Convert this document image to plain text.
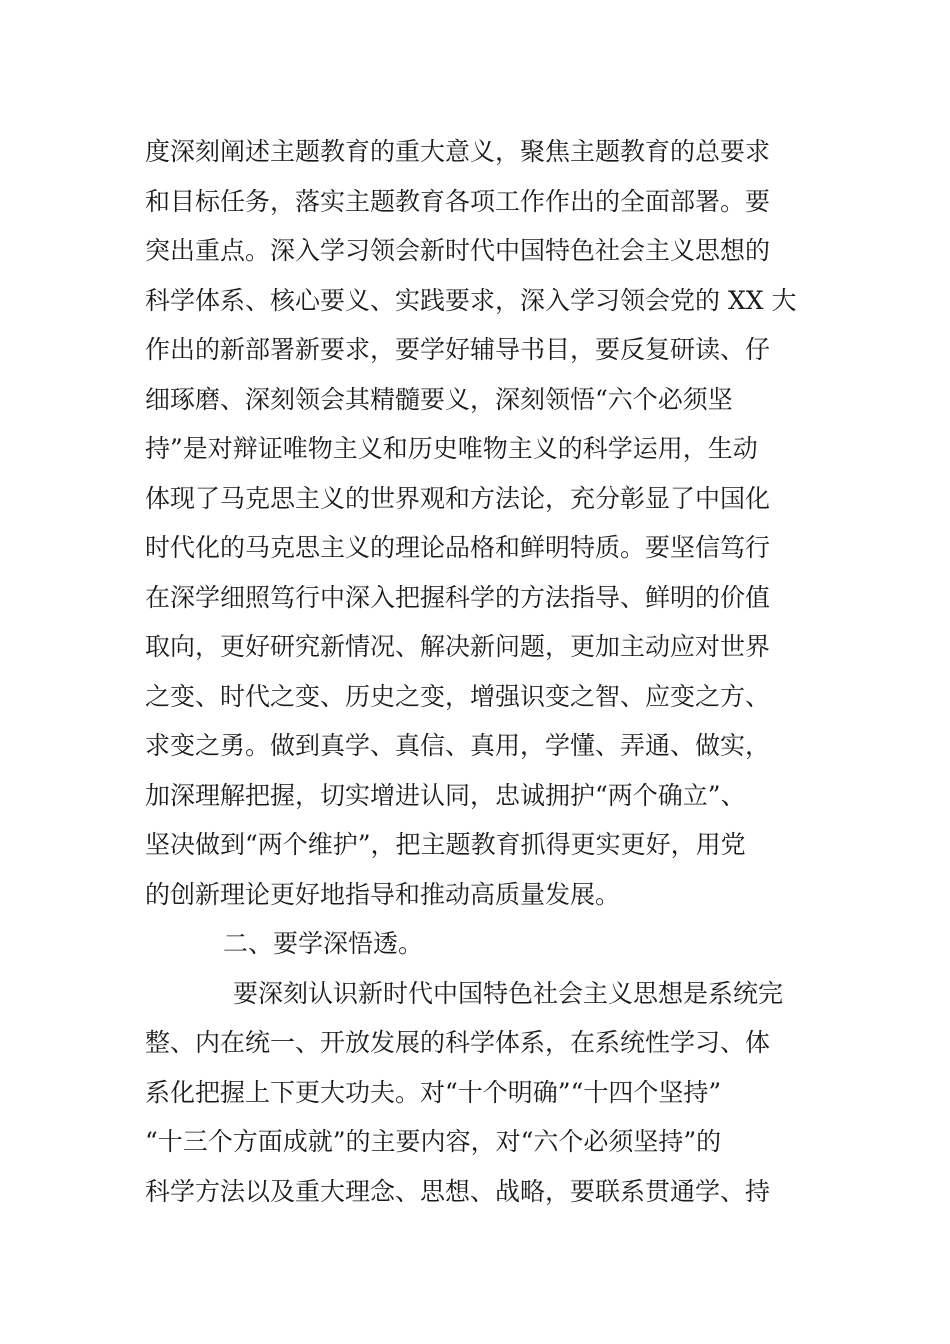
度深刻阐述主题教育的重大意义，聚焦主题教育的总要求
和目标任务，落实主题教育各项工作作出的全面部署。要
突出重点。深入学习领会新时代中国特色社会主义思想的
科学体系、核心要义、实践要求，深入学习领会党的 XX 大
作出的新部署新要求，要学好辅导书目，要反复研读、仔
细琢磨、深刻领会其精髓要义，深刻领悟“六个必须坚
持”是对辩证唯物主义和历史唯物主义的科学运用，生动
体现了马克思主义的世界观和方法论，充分彰显了中国化
时代化的马克思主义的理论品格和鲜明特质。要坚信笃行
在深学细照笃行中深入把握科学的方法指导、鲜明的价值
取向，更好研究新情况、解决新问题，更加主动应对世界
之变、时代之变、历史之变，增强识变之智、应变之方、
求变之勇。做到真学、真信、真用，学懂、弄通、做实，
加深理解把握，切实增进认同，忠诚拥护“两个确立”、
坚决做到“两个维护”，把主题教育抓得更实更好，用党
的创新理论更好地指导和推动高质量发展。
二、要学深悟透。
要深刻认识新时代中国特色社会主义思想是系统完
整、内在统一、开放发展的科学体系，在系统性学习、体
系化把握上下更大功夫。对“十个明确”“十四个坚持”
“十三个方面成就”的主要内容，对“六个必须坚持”的
科学方法以及重大理念、思想、战略，要联系贯通学、持
